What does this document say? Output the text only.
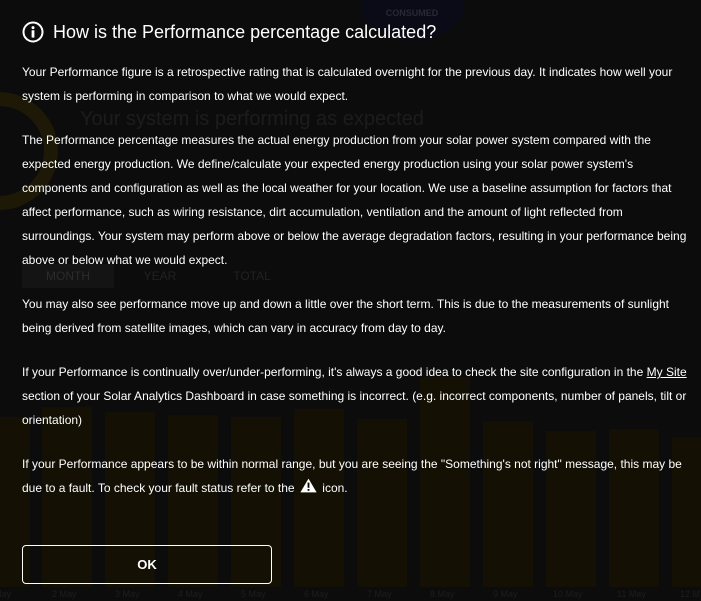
How is the Performance percentage calculated?

Your Performance figure is a retrospective rating that is calculated overnight for the previous day. It indicates how well your system is performing in comparison to what we would expect.

The Performance percentage measures the actual energy production from your solar power system compared with the expected energy production. We define/calculate your expected energy production using your solar power system's components and configuration as well as the local weather for your location. We use a baseline assumption for factors that affect performance, such as wiring resistance, dirt accumulation, ventilation and the amount of light reflected from surroundings. Your system may perform above or below the average degradation factors, resulting in your performance being above or below what we would expect.

You may also see performance move up and down a little over the short term. This is due to the measurements of sunlight being derived from satellite images, which can vary in accuracy from day to day.

If your Performance is continually over/under-performing, it's always a good idea to check the site configuration in the My Site section of your Solar Analytics Dashboard in case something is incorrect. (e.g. incorrect components, number of panels, tilt or orientation)

If your Performance appears to be within normal range, but you are seeing the "Something's not right" message, this may be due to a fault. To check your fault status refer to the  icon.

OK
